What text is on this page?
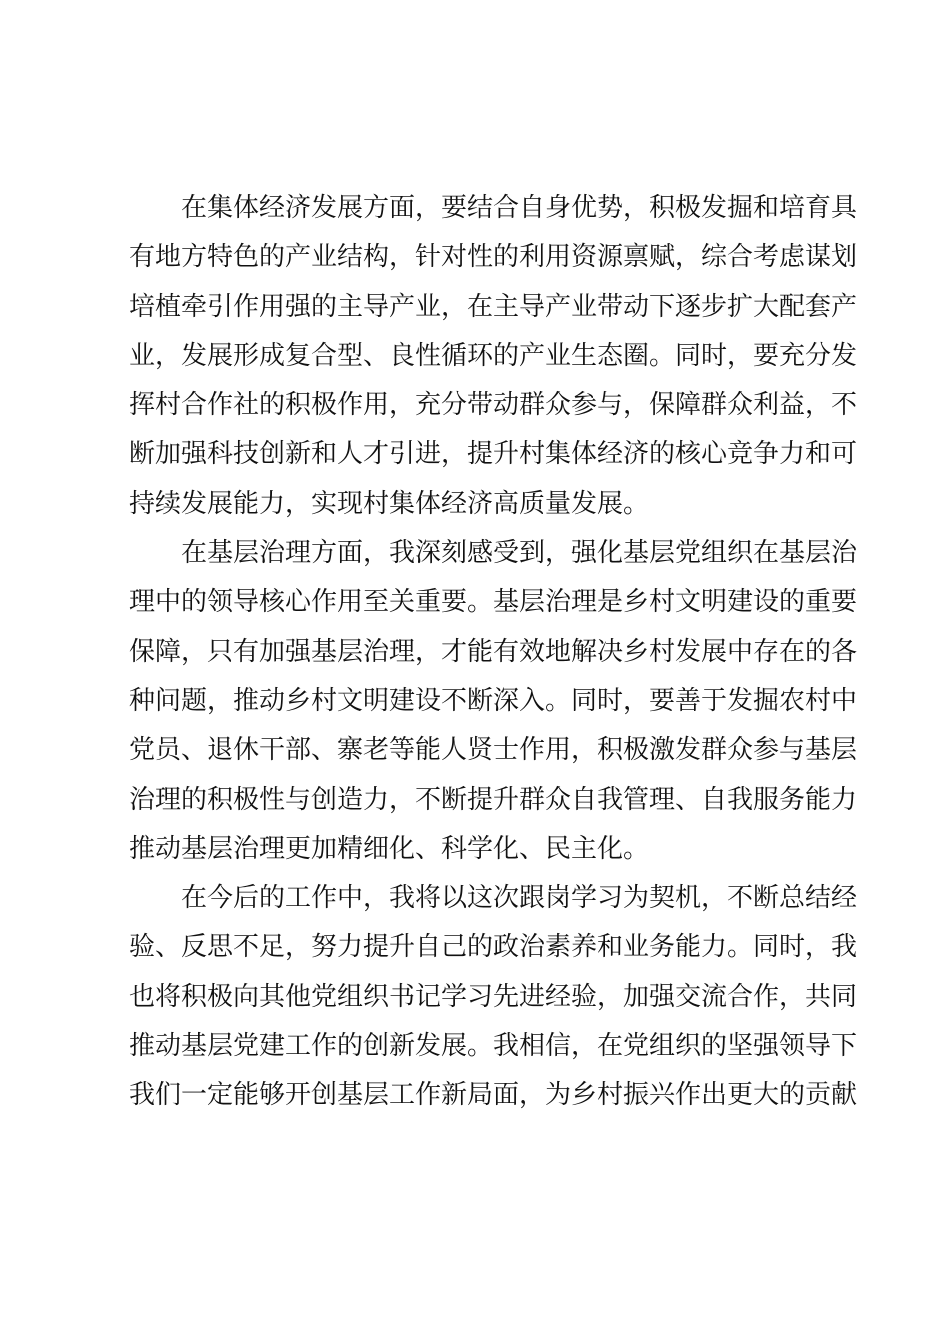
在集体经济发展方面，要结合自身优势，积极发掘和培育具
有地方特色的产业结构，针对性的利用资源禀赋，综合考虑谋划
培植牵引作用强的主导产业，在主导产业带动下逐步扩大配套产
业，发展形成复合型、良性循环的产业生态圈。同时，要充分发
挥村合作社的积极作用，充分带动群众参与，保障群众利益，不
断加强科技创新和人才引进，提升村集体经济的核心竞争力和可
持续发展能力，实现村集体经济高质量发展。
在基层治理方面，我深刻感受到，强化基层党组织在基层治
理中的领导核心作用至关重要。基层治理是乡村文明建设的重要
保障，只有加强基层治理，才能有效地解决乡村发展中存在的各
种问题，推动乡村文明建设不断深入。同时，要善于发掘农村中
党员、退休干部、寨老等能人贤士作用，积极激发群众参与基层
治理的积极性与创造力，不断提升群众自我管理、自我服务能力
推动基层治理更加精细化、科学化、民主化。
在今后的工作中，我将以这次跟岗学习为契机，不断总结经
验、反思不足，努力提升自己的政治素养和业务能力。同时，我
也将积极向其他党组织书记学习先进经验，加强交流合作，共同
推动基层党建工作的创新发展。我相信，在党组织的坚强领导下
我们一定能够开创基层工作新局面，为乡村振兴作出更大的贡献
